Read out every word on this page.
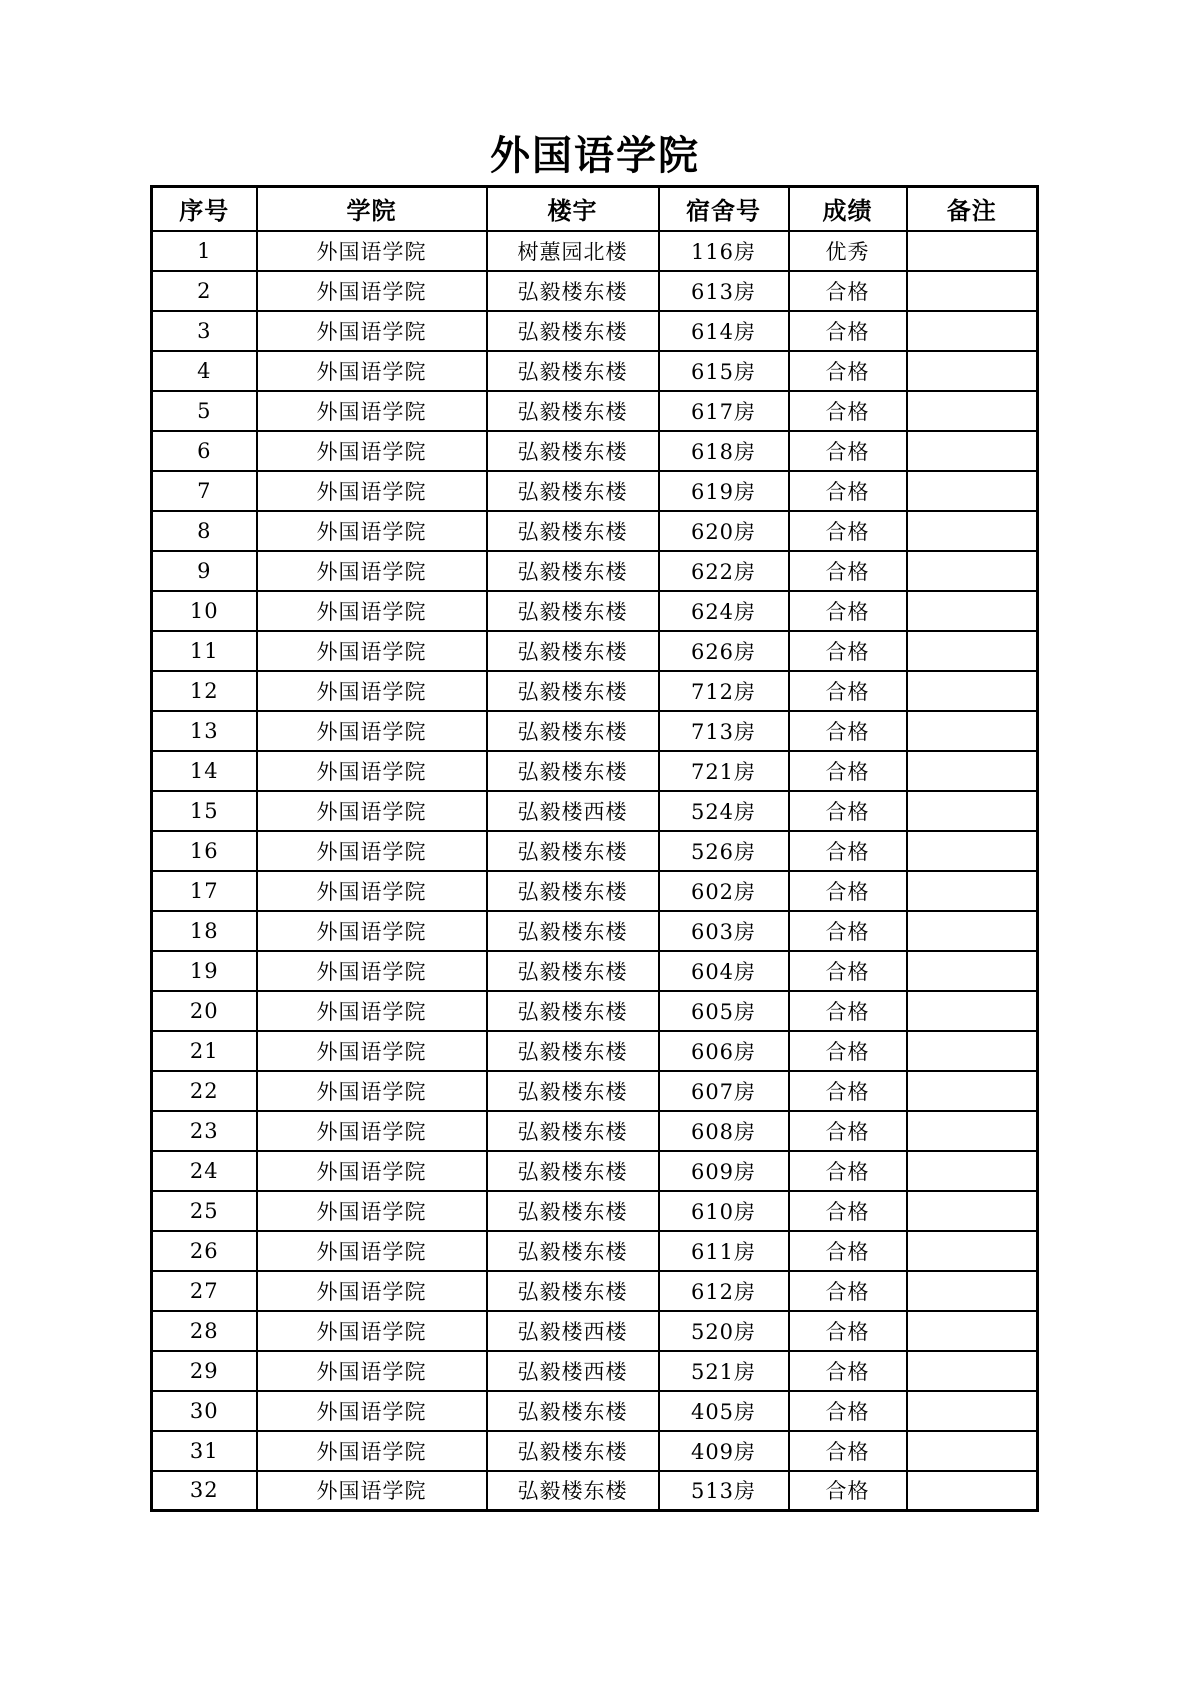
外国语学院
序号	学院	楼宇	宿舍号	成绩	备注
1	外国语学院	树蕙园北楼	116房	优秀	
2	外国语学院	弘毅楼东楼	613房	合格	
3	外国语学院	弘毅楼东楼	614房	合格	
4	外国语学院	弘毅楼东楼	615房	合格	
5	外国语学院	弘毅楼东楼	617房	合格	
6	外国语学院	弘毅楼东楼	618房	合格	
7	外国语学院	弘毅楼东楼	619房	合格	
8	外国语学院	弘毅楼东楼	620房	合格	
9	外国语学院	弘毅楼东楼	622房	合格	
10	外国语学院	弘毅楼东楼	624房	合格	
11	外国语学院	弘毅楼东楼	626房	合格	
12	外国语学院	弘毅楼东楼	712房	合格	
13	外国语学院	弘毅楼东楼	713房	合格	
14	外国语学院	弘毅楼东楼	721房	合格	
15	外国语学院	弘毅楼西楼	524房	合格	
16	外国语学院	弘毅楼东楼	526房	合格	
17	外国语学院	弘毅楼东楼	602房	合格	
18	外国语学院	弘毅楼东楼	603房	合格	
19	外国语学院	弘毅楼东楼	604房	合格	
20	外国语学院	弘毅楼东楼	605房	合格	
21	外国语学院	弘毅楼东楼	606房	合格	
22	外国语学院	弘毅楼东楼	607房	合格	
23	外国语学院	弘毅楼东楼	608房	合格	
24	外国语学院	弘毅楼东楼	609房	合格	
25	外国语学院	弘毅楼东楼	610房	合格	
26	外国语学院	弘毅楼东楼	611房	合格	
27	外国语学院	弘毅楼东楼	612房	合格	
28	外国语学院	弘毅楼西楼	520房	合格	
29	外国语学院	弘毅楼西楼	521房	合格	
30	外国语学院	弘毅楼东楼	405房	合格	
31	外国语学院	弘毅楼东楼	409房	合格	
32	外国语学院	弘毅楼东楼	513房	合格	
